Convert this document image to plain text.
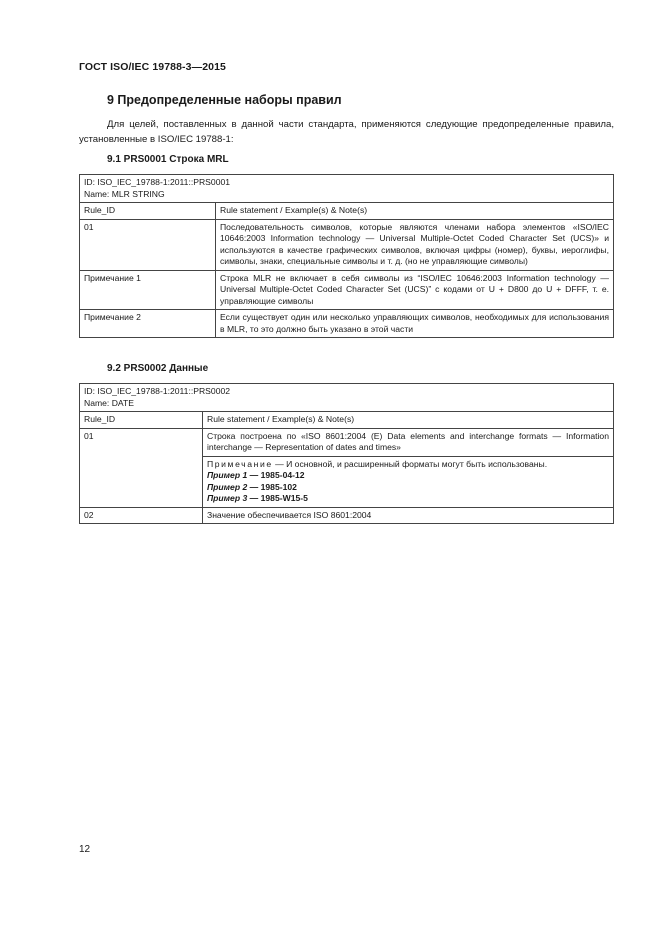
ГОСТ ISO/IEC 19788-3—2015
9 Предопределенные наборы правил
Для целей, поставленных в данной части стандарта, применяются следующие предопределенные правила, установленные в ISO/IEC 19788-1:
9.1 PRS0001 Строка MRL
ID: ISO_IEC_19788-1:2011::PRS0001
Name: MLR STRING	

Rule_ID	Rule statement / Example(s) & Note(s)
01	Последовательность символов, которые являются членами набора элементов «ISO/IEC 10646:2003 Information technology — Universal Multiple-Octet Coded Character Set (UCS)» и используются в качестве графических символов, включая цифры (номер), буквы, иероглифы, символы, знаки, специальные символы и т. д. (но не управляющие символы)
Примечание 1	Строка MLR не включает в себя символы из “ISO/IEC 10646:2003 Information technology — Universal Multiple-Octet Coded Character Set (UCS)” с кодами от U + D800 до U + DFFF, т. е. управляющие символы
Примечание 2	Если существует один или несколько управляющих символов, необходимых для использования в MLR, то это должно быть указано в этой части
9.2 PRS0002 Данные
ID: ISO_IEC_19788-1:2011::PRS0002
Name: DATE	

Rule_ID	Rule statement / Example(s) & Note(s)
01	Строка построена по «ISO 8601:2004 (E) Data elements and interchange formats — Information interchange — Representation of dates and times»

	Примечание — И основной, и расширенный форматы могут быть использованы.
Пример 1 — 1985-04-12
Пример 2 — 1985-102
Пример 3 — 1985-W15-5

02	Значение обеспечивается ISO 8601:2004
12
